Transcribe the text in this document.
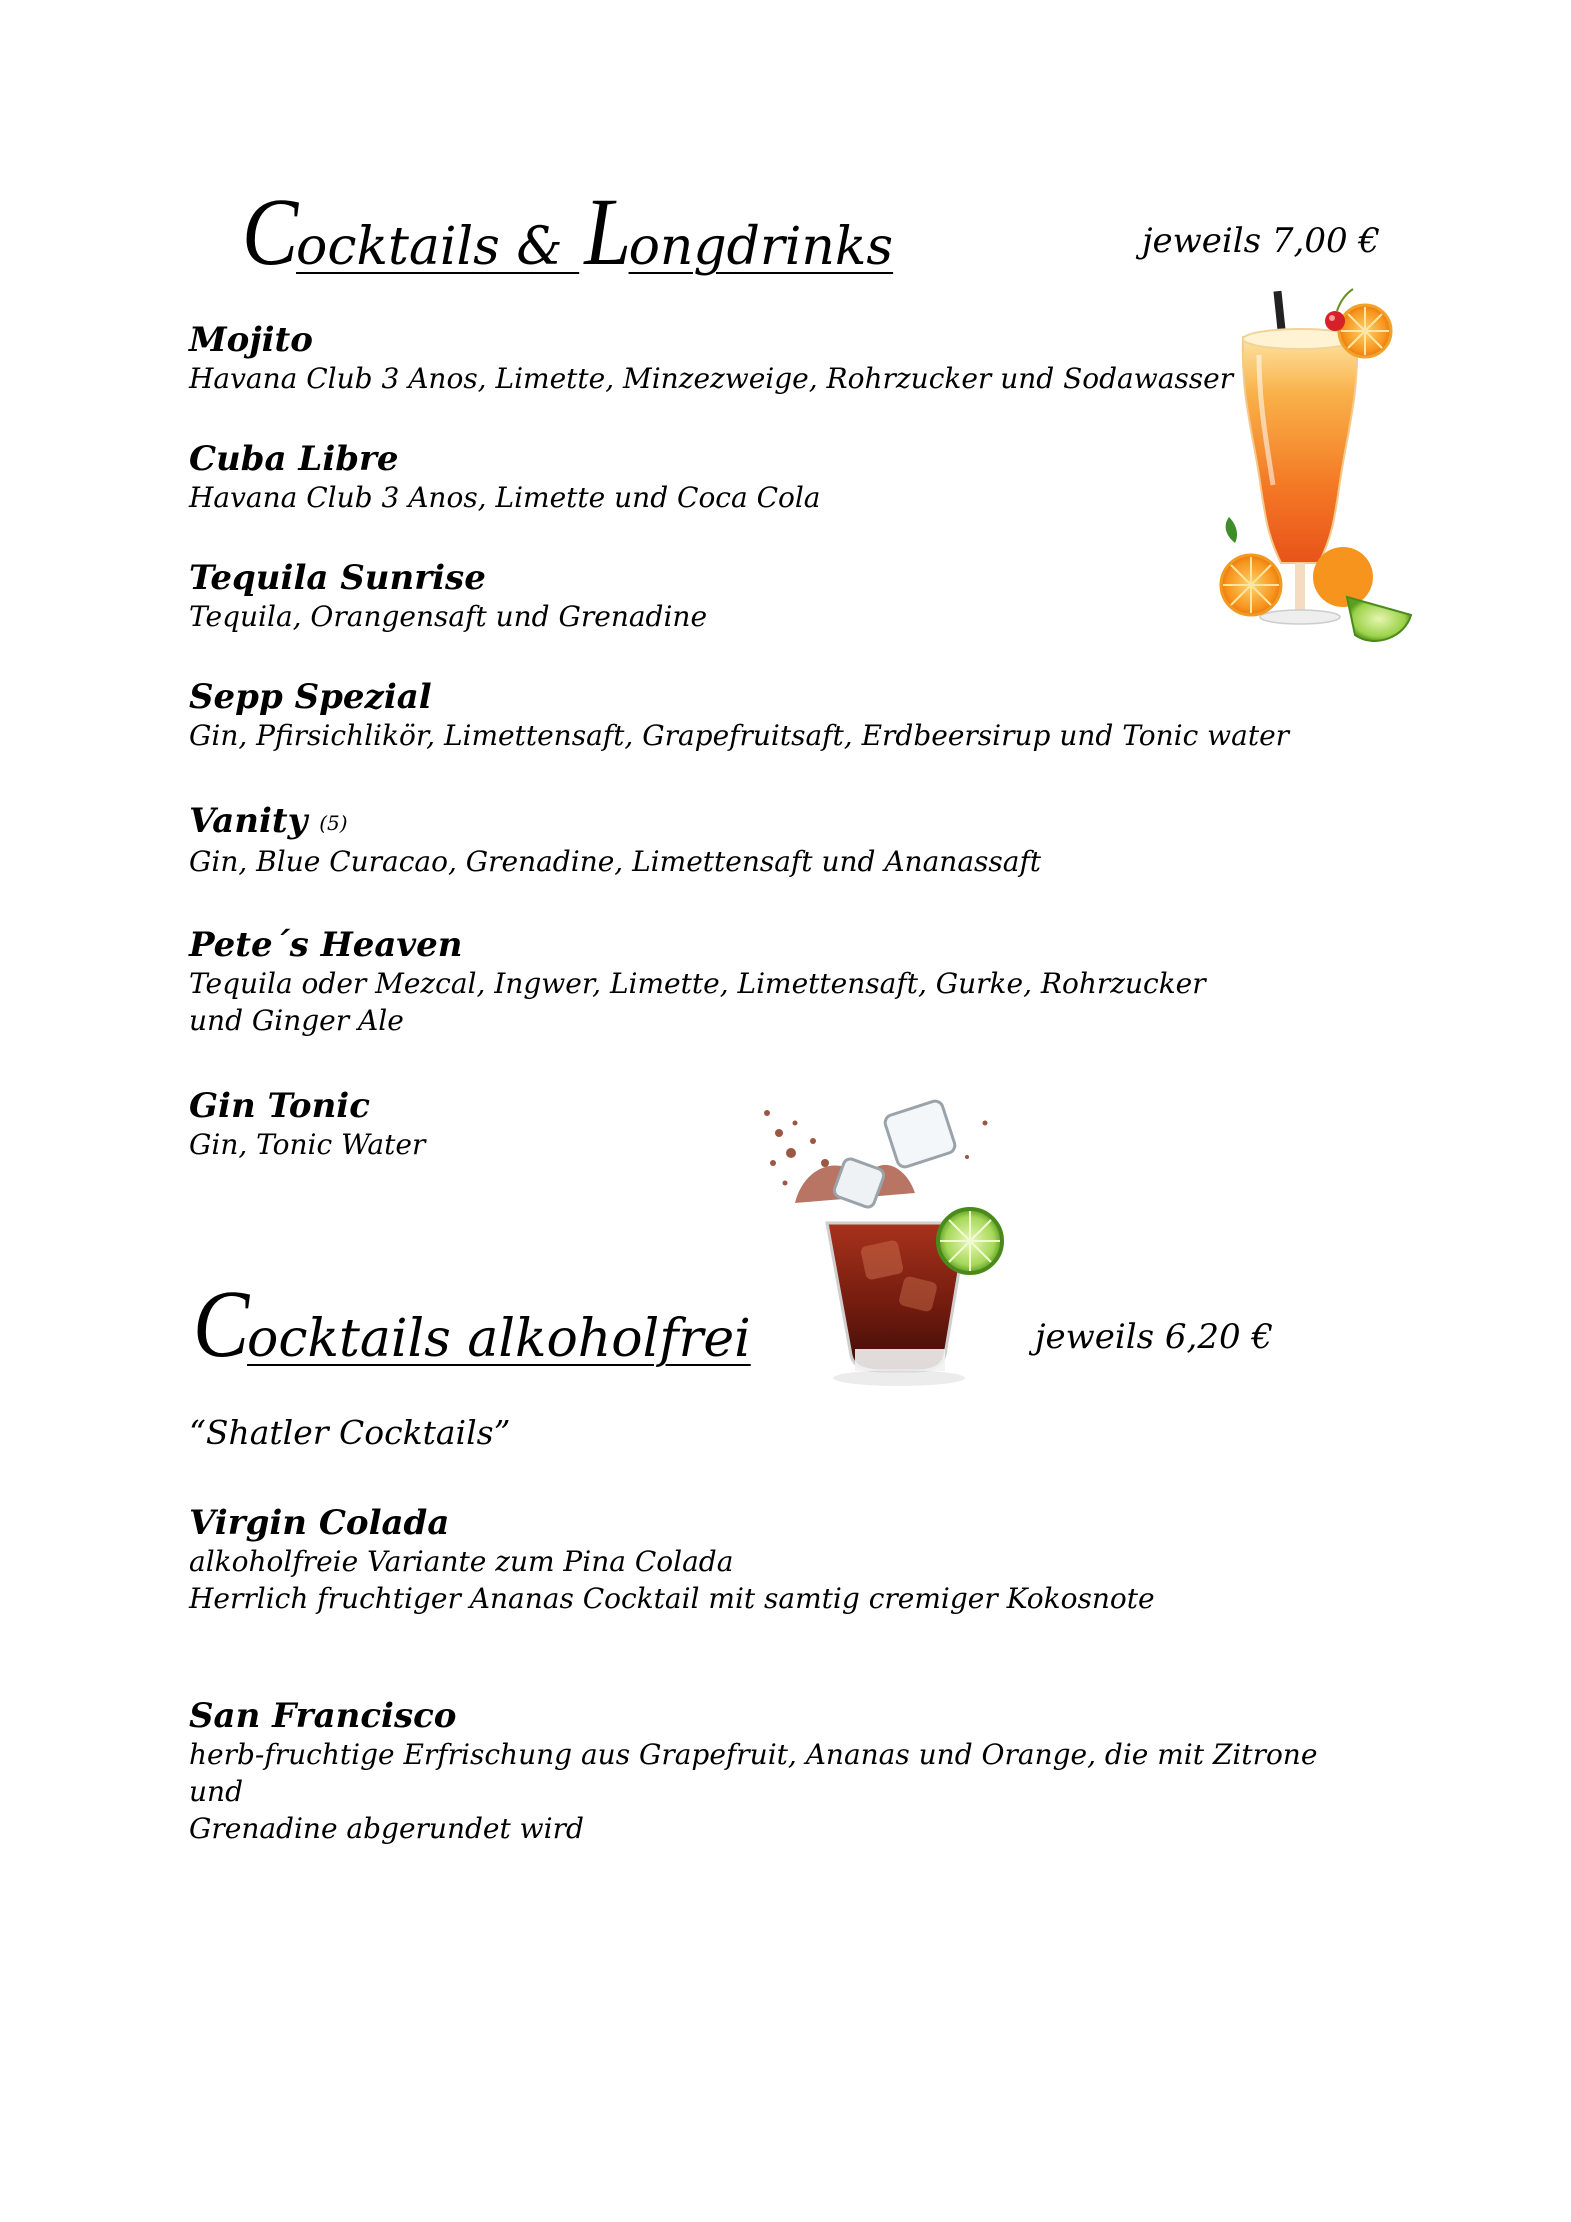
Cocktails & Longdrinks	jeweils 7,00 €

Mojito

Havana Club 3 Anos, Limette, Minzezweige, Rohrzucker und Sodawasser

Cuba Libre

Havana Club 3 Anos, Limette und Coca Cola

Tequila Sunrise

Tequila, Orangensaft und Grenadine

Sepp Spezial

Gin, Pfirsichlikör, Limettensaft, Grapefruitsaft, Erdbeersirup und Tonic water

Vanity (5)

Gin, Blue Curacao, Grenadine, Limettensaft und Ananassaft

Pete´s Heaven

Tequila oder Mezcal, Ingwer, Limette, Limettensaft, Gurke, Rohrzucker

und Ginger Ale

Gin Tonic

Gin, Tonic Water

Cocktails alkoholfrei	jeweils 6,20 €
“Shatler Cocktails”

Virgin Colada

alkoholfreie Variante zum Pina Colada

Herrlich fruchtiger Ananas Cocktail mit samtig cremiger Kokosnote

San Francisco

herb-fruchtige Erfrischung aus Grapefruit, Ananas und Orange, die mit Zitrone und

Grenadine abgerundet wird
